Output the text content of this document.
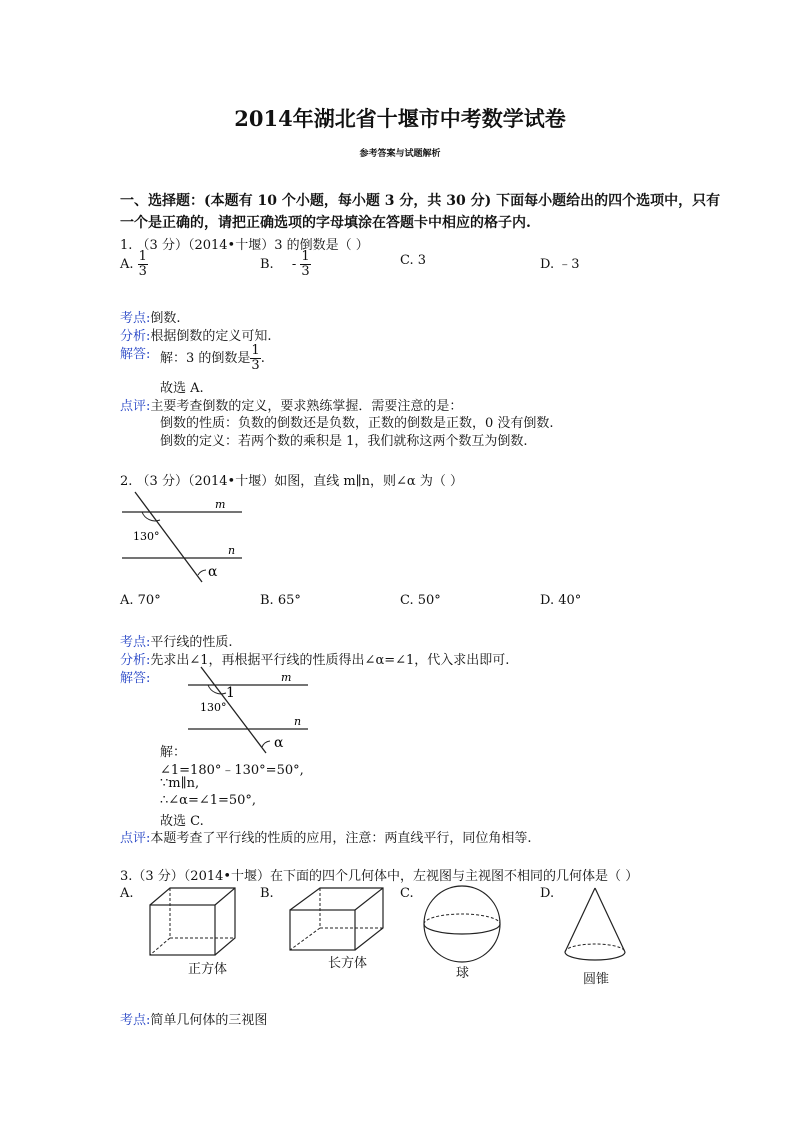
2014年湖北省十堰市中考数学试卷
参考答案与试题解析
一、选择题：(本题有 10 个小题，每小题 3 分，共 30 分) 下面每小题给出的四个选项中，只有
一个是正确的，请把正确选项的字母填涂在答题卡中相应的格子内.
1. （3 分）（2014•十堰）3 的倒数是（ ）
A. $\frac{1}{3}$	B. - $\frac{1}{3}$	C. 3	D. ﹣3
考点:倒数.
分析:根据倒数的定义可知.
解答: 解：3 的倒数是 $\frac{1}{3}$ .
故选 A.
点评:主要考查倒数的定义，要求熟练掌握．需要注意的是：
倒数的性质：负数的倒数还是负数，正数的倒数是正数，0 没有倒数.
倒数的定义：若两个数的乘积是 1，我们就称这两个数互为倒数.
2. （3 分）（2014•十堰）如图，直线 m∥n，则∠α 为（ ）
m
n
130°
α
A. 70°	B. 65°	C. 50°	D. 40°
考点:平行线的性质.
分析:先求出∠1，再根据平行线的性质得出∠α=∠1，代入求出即可.
解答:	m
n
130°
1
α
解：
∠1=180°﹣130°=50°,
∵m∥n,
∴∠α=∠1=50°,
故选 C.
点评:本题考查了平行线的性质的应用，注意：两直线平行，同位角相等.
3.（3 分）（2014•十堰）在下面的四个几何体中，左视图与主视图不相同的几何体是（ ）
A.	B.	C.	D.
正方体	长方体
球	圆锥
考点:简单几何体的三视图
